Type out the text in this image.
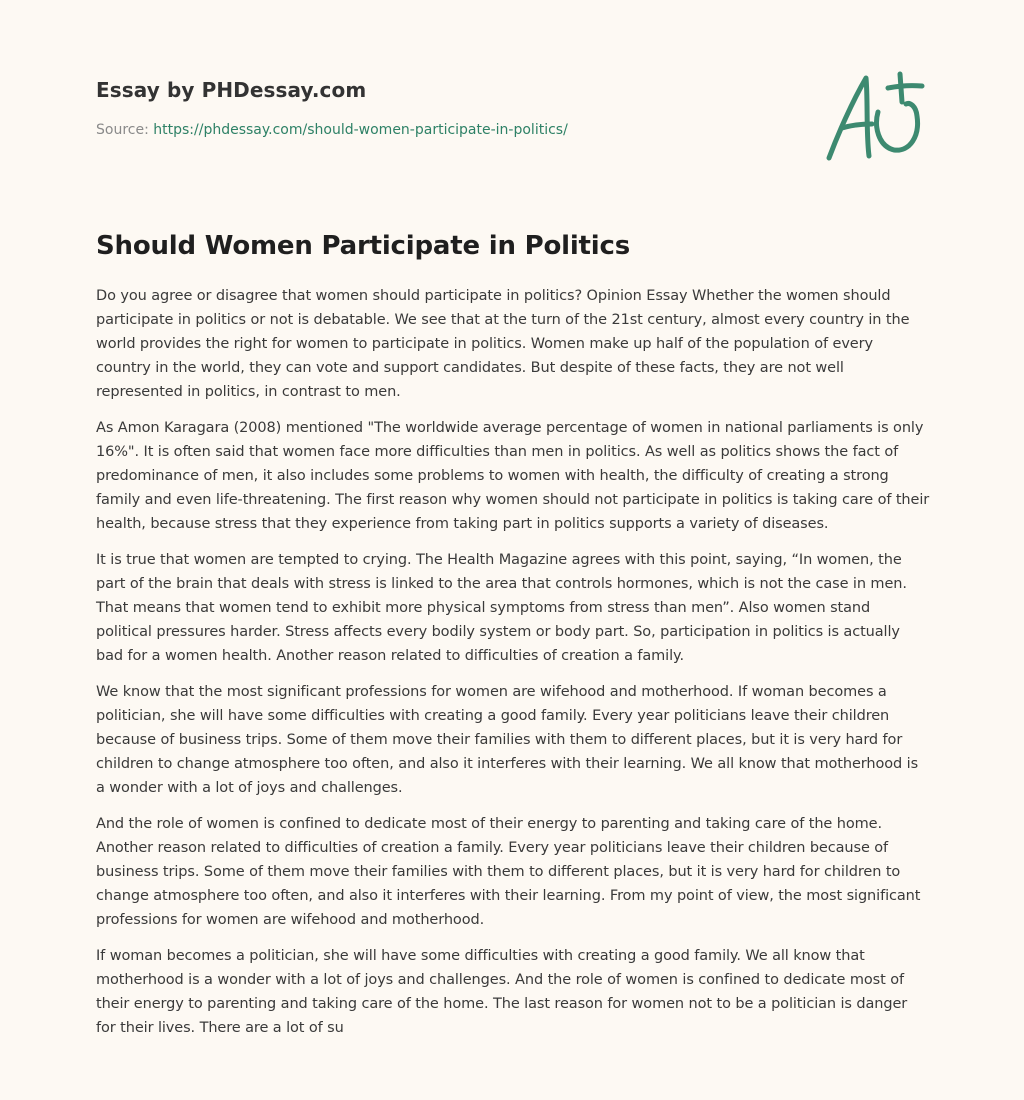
Essay by PHDessay.com
Source: https://phdessay.com/should-women-participate-in-politics/
Should Women Participate in Politics

Do you agree or disagree that women should participate in politics? Opinion Essay Whether the women should participate in politics or not is debatable. We see that at the turn of the 21st century, almost every country in the world provides the right for women to participate in politics. Women make up half of the population of every country in the world, they can vote and support candidates. But despite of these facts, they are not well represented in politics, in contrast to men.

As Amon Karagara (2008) mentioned "The worldwide average percentage of women in national parliaments is only 16%". It is often said that women face more difficulties than men in politics. As well as politics shows the fact of predominance of men, it also includes some problems to women with health, the difficulty of creating a strong family and even life-threatening. The first reason why women should not participate in politics is taking care of their health, because stress that they experience from taking part in politics supports a variety of diseases.

It is true that women are tempted to crying. The Health Magazine agrees with this point, saying, “In women, the part of the brain that deals with stress is linked to the area that controls hormones, which is not the case in men. That means that women tend to exhibit more physical symptoms from stress than men”. Also women stand political pressures harder. Stress affects every bodily system or body part. So, participation in politics is actually bad for a women health. Another reason related to difficulties of creation a family.

We know that the most significant professions for women are wifehood and motherhood. If woman becomes a politician, she will have some difficulties with creating a good family. Every year politicians leave their children because of business trips. Some of them move their families with them to different places, but it is very hard for children to change atmosphere too often, and also it interferes with their learning. We all know that motherhood is a wonder with a lot of joys and challenges.

And the role of women is confined to dedicate most of their energy to parenting and taking care of the home. Another reason related to difficulties of creation a family. Every year politicians leave their children because of business trips. Some of them move their families with them to different places, but it is very hard for children to change atmosphere too often, and also it interferes with their learning. From my point of view, the most significant professions for women are wifehood and motherhood.

If woman becomes a politician, she will have some difficulties with creating a good family. We all know that motherhood is a wonder with a lot of joys and challenges. And the role of women is confined to dedicate most of their energy to parenting and taking care of the home. The last reason for women not to be a politician is danger for their lives. There are a lot of su
